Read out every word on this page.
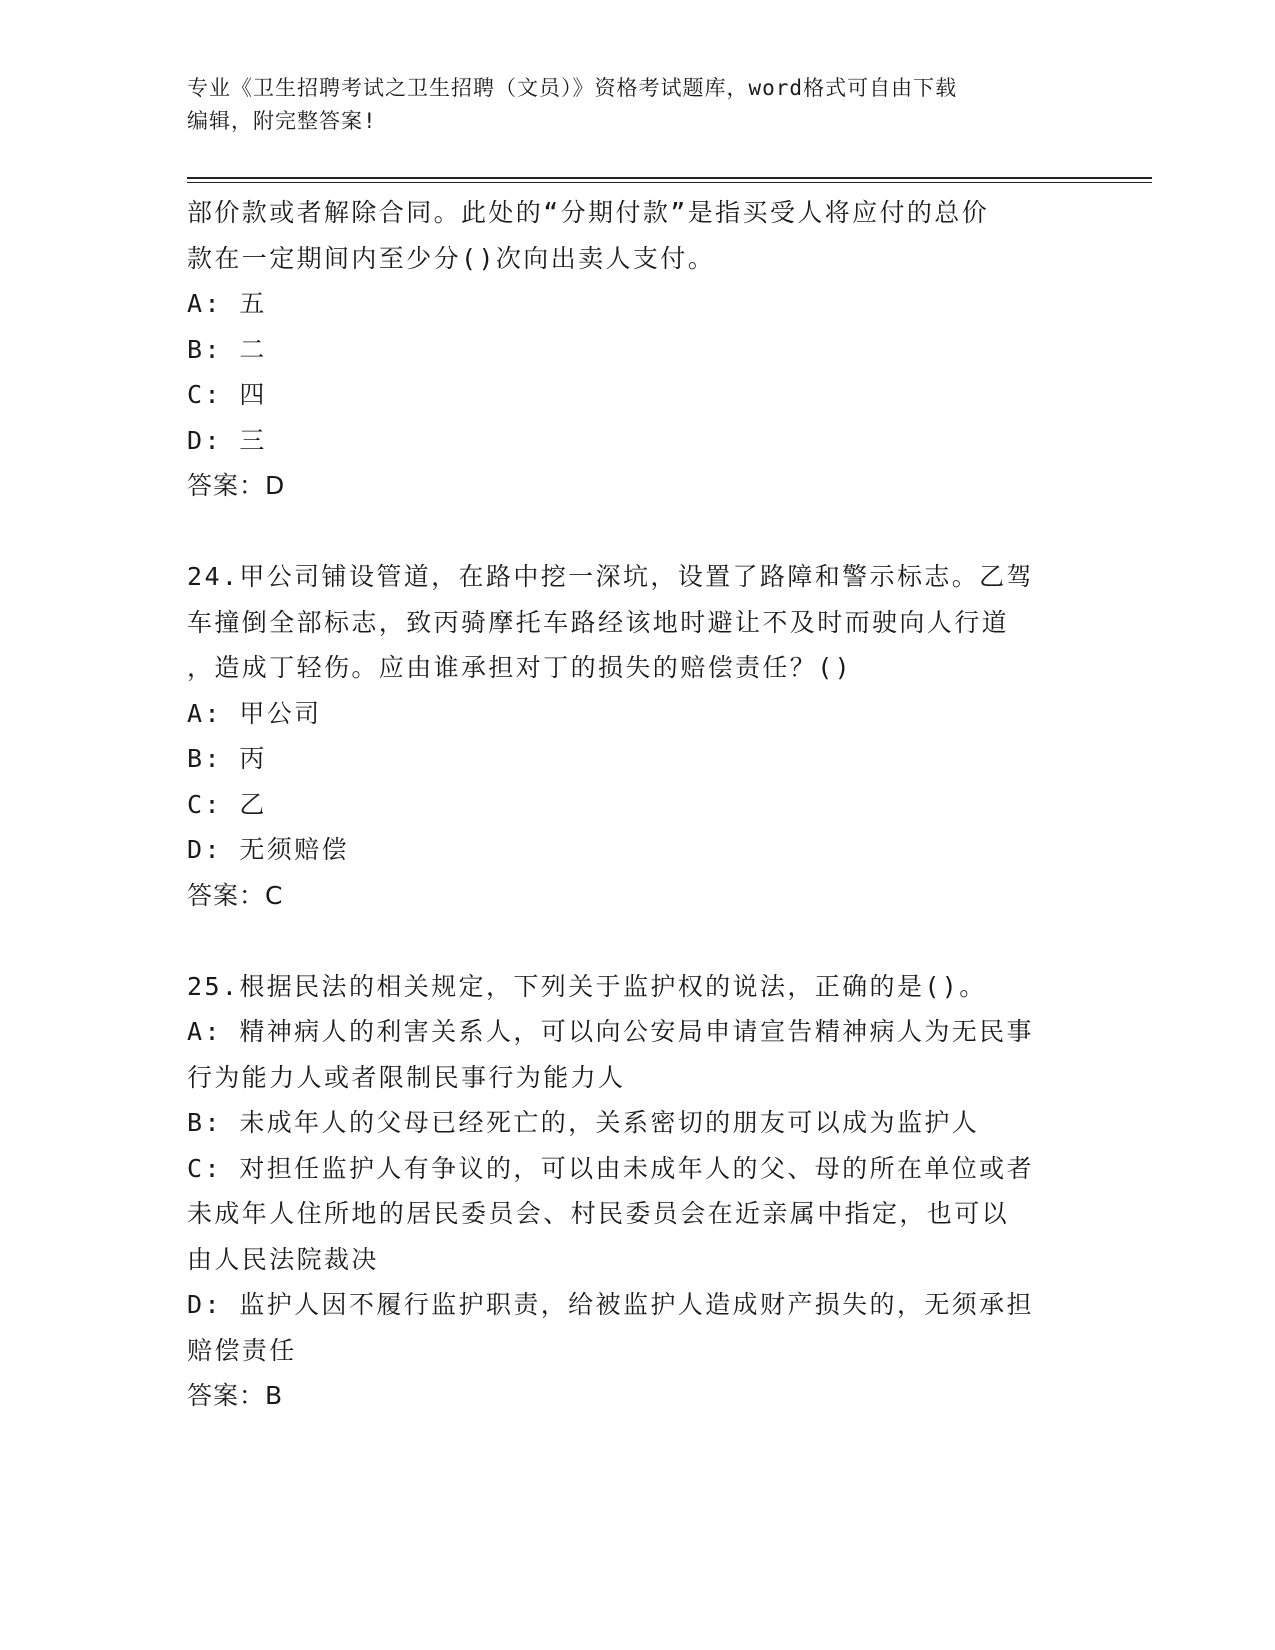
专业《卫生招聘考试之卫生招聘（文员）》资格考试题库，word格式可自由下载
编辑，附完整答案!
部价款或者解除合同。此处的“分期付款”是指买受人将应付的总价
款在一定期间内至少分()次向出卖人支付。
A: 五
B: 二
C: 四
D: 三
答案：D
24.甲公司铺设管道，在路中挖一深坑，设置了路障和警示标志。乙驾
车撞倒全部标志，致丙骑摩托车路经该地时避让不及时而驶向人行道
，造成丁轻伤。应由谁承担对丁的损失的赔偿责任？()
A: 甲公司
B: 丙
C: 乙
D: 无须赔偿
答案：C
25.根据民法的相关规定，下列关于监护权的说法，正确的是()。
A: 精神病人的利害关系人，可以向公安局申请宣告精神病人为无民事
行为能力人或者限制民事行为能力人
B: 未成年人的父母已经死亡的，关系密切的朋友可以成为监护人
C: 对担任监护人有争议的，可以由未成年人的父、母的所在单位或者
未成年人住所地的居民委员会、村民委员会在近亲属中指定，也可以
由人民法院裁决
D: 监护人因不履行监护职责，给被监护人造成财产损失的，无须承担
赔偿责任
答案：B
